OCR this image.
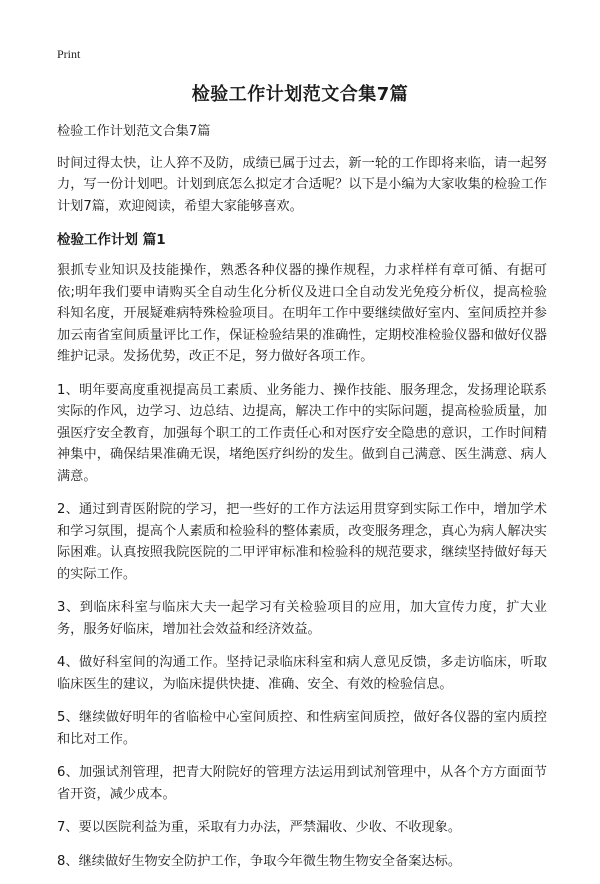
Print
检验工作计划范文合集7篇

检验工作计划范文合集7篇

时间过得太快，让人猝不及防，成绩已属于过去，新一轮的工作即将来临，请一起努力，写一份计划吧。计划到底怎么拟定才合适呢？以下是小编为大家收集的检验工作计划7篇，欢迎阅读，希望大家能够喜欢。

检验工作计划 篇1

狠抓专业知识及技能操作，熟悉各种仪器的操作规程，力求样样有章可循、有据可依;明年我们要申请购买全自动生化分析仪及进口全自动发光免疫分析仪，提高检验科知名度，开展疑难病特殊检验项目。在明年工作中要继续做好室内、室间质控并参加云南省室间质量评比工作，保证检验结果的准确性，定期校准检验仪器和做好仪器维护记录。发扬优势，改正不足，努力做好各项工作。

1、明年要高度重视提高员工素质、业务能力、操作技能、服务理念，发扬理论联系实际的作风，边学习、边总结、边提高，解决工作中的实际问题，提高检验质量，加强医疗安全教育，加强每个职工的工作责任心和对医疗安全隐患的意识，工作时间精神集中，确保结果准确无误，堵绝医疗纠纷的发生。做到自己满意、医生满意、病人满意。

2、通过到青医附院的学习，把一些好的工作方法运用贯穿到实际工作中，增加学术和学习氛围，提高个人素质和检验科的整体素质，改变服务理念，真心为病人解决实际困难。认真按照我院医院的二甲评审标准和检验科的规范要求，继续坚持做好每天的实际工作。

3、到临床科室与临床大夫一起学习有关检验项目的应用，加大宣传力度，扩大业务，服务好临床，增加社会效益和经济效益。

4、做好科室间的沟通工作。坚持记录临床科室和病人意见反馈，多走访临床，听取临床医生的建议，为临床提供快捷、准确、安全、有效的检验信息。

5、继续做好明年的省临检中心室间质控、和性病室间质控，做好各仪器的室内质控和比对工作。

6、加强试剂管理，把青大附院好的管理方法运用到试剂管理中，从各个方方面面节省开资，减少成本。

7、要以医院利益为重，采取有力办法，严禁漏收、少收、不收现象。

8、继续做好生物安全防护工作，争取今年微生物生物安全备案达标。
